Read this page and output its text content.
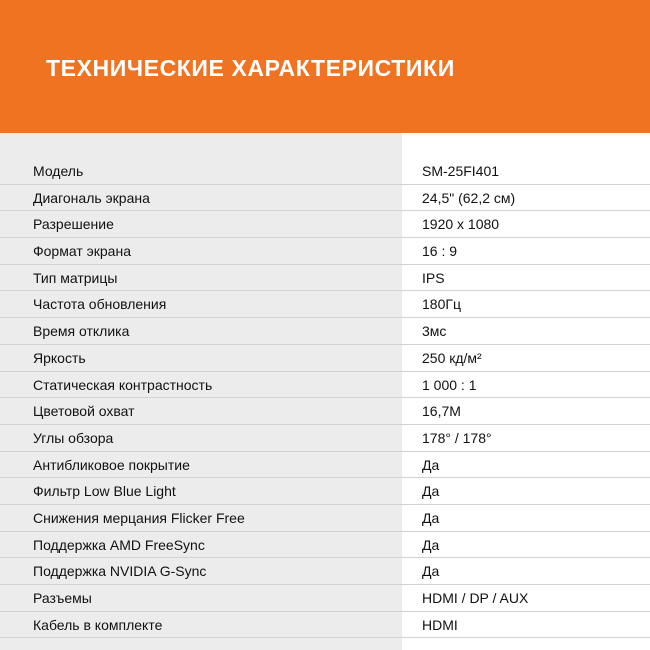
ТЕХНИЧЕСКИЕ ХАРАКТЕРИСТИКИ
Модель	SM-25FI401
Диагональ экрана	24,5" (62,2 см)
Разрешение	1920 x 1080
Формат экрана	16 : 9
Тип матрицы	IPS
Частота обновления	180Гц
Время отклика	3мс
Яркость	250 кд/м²
Статическая контрастность	1 000 : 1
Цветовой охват	16,7M
Углы обзора	178° / 178°
Антибликовое покрытие	Да
Фильтр Low Blue Light	Да
Снижения мерцания Flicker Free	Да
Поддержка AMD FreeSync	Да
Поддержка NVIDIA G-Sync	Да
Разъемы	HDMI / DP / AUX
Кабель в комплекте	HDMI
